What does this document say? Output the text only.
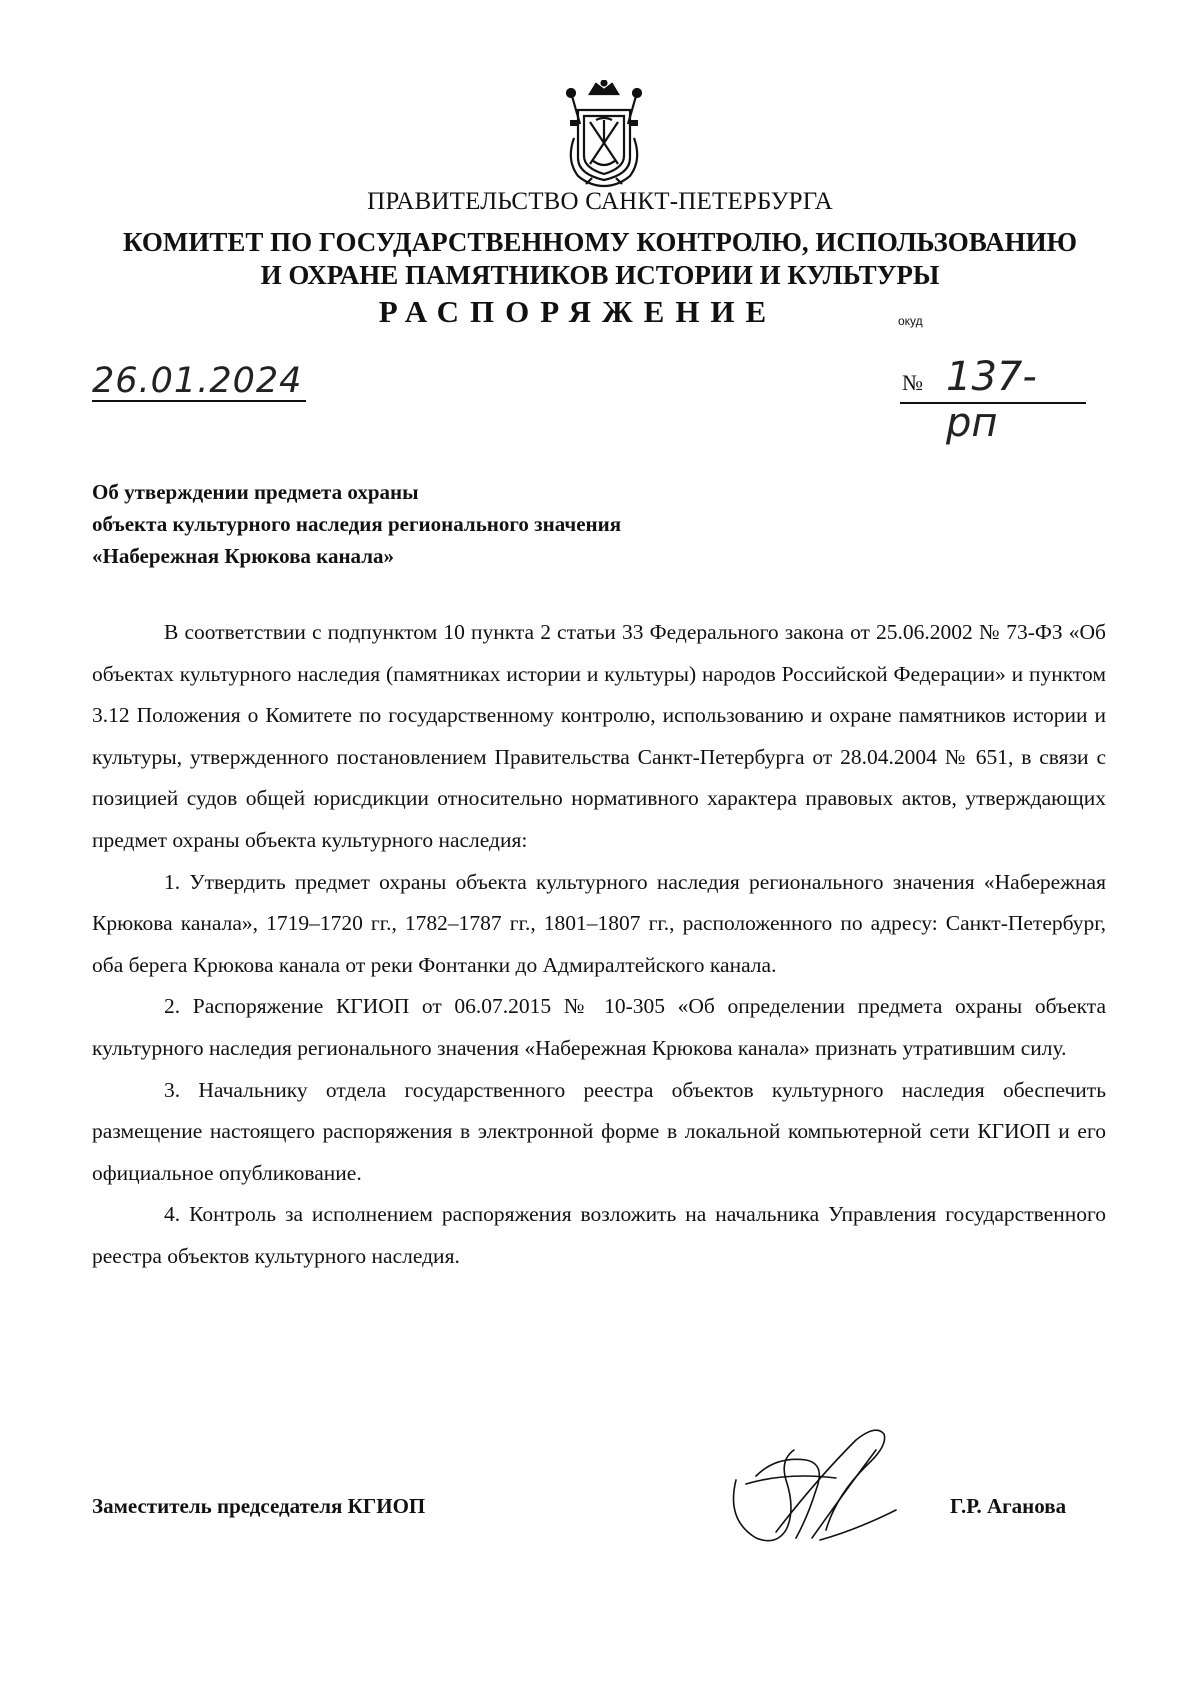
ПРАВИТЕЛЬСТВО САНКТ-ПЕТЕРБУРГА
КОМИТЕТ ПО ГОСУДАРСТВЕННОМУ КОНТРОЛЮ, ИСПОЛЬЗОВАНИЮ
И ОХРАНЕ ПАМЯТНИКОВ ИСТОРИИ И КУЛЬТУРЫ
РАСПОРЯЖЕНИЕ	окуд
26.01.2024	№ 137-рп
Об утверждении предмета охраны
объекта культурного наследия регионального значения
«Набережная Крюкова канала»

В соответствии с подпунктом 10 пункта 2 статьи 33 Федерального закона от 25.06.2002 № 73-ФЗ «Об объектах культурного наследия (памятниках истории и культуры) народов Российской Федерации» и пунктом 3.12 Положения о Комитете по государственному контролю, использованию и охране памятников истории и культуры, утвержденного постановлением Правительства Санкт-Петербурга от 28.04.2004 № 651, в связи с позицией судов общей юрисдикции относительно нормативного характера правовых актов, утверждающих предмет охраны объекта культурного наследия:

1. Утвердить предмет охраны объекта культурного наследия регионального значения «Набережная Крюкова канала», 1719–1720 гг., 1782–1787 гг., 1801–1807 гг., расположенного по адресу: Санкт-Петербург, оба берега Крюкова канала от реки Фонтанки до Адмиралтейского канала.

2. Распоряжение КГИОП от 06.07.2015 № 10-305 «Об определении предмета охраны объекта культурного наследия регионального значения «Набережная Крюкова канала» признать утратившим силу.

3. Начальнику отдела государственного реестра объектов культурного наследия обеспечить размещение настоящего распоряжения в электронной форме в локальной компьютерной сети КГИОП и его официальное опубликование.

4. Контроль за исполнением распоряжения возложить на начальника Управления государственного реестра объектов культурного наследия.

Заместитель председателя КГИОП	Г.Р. Аганова
